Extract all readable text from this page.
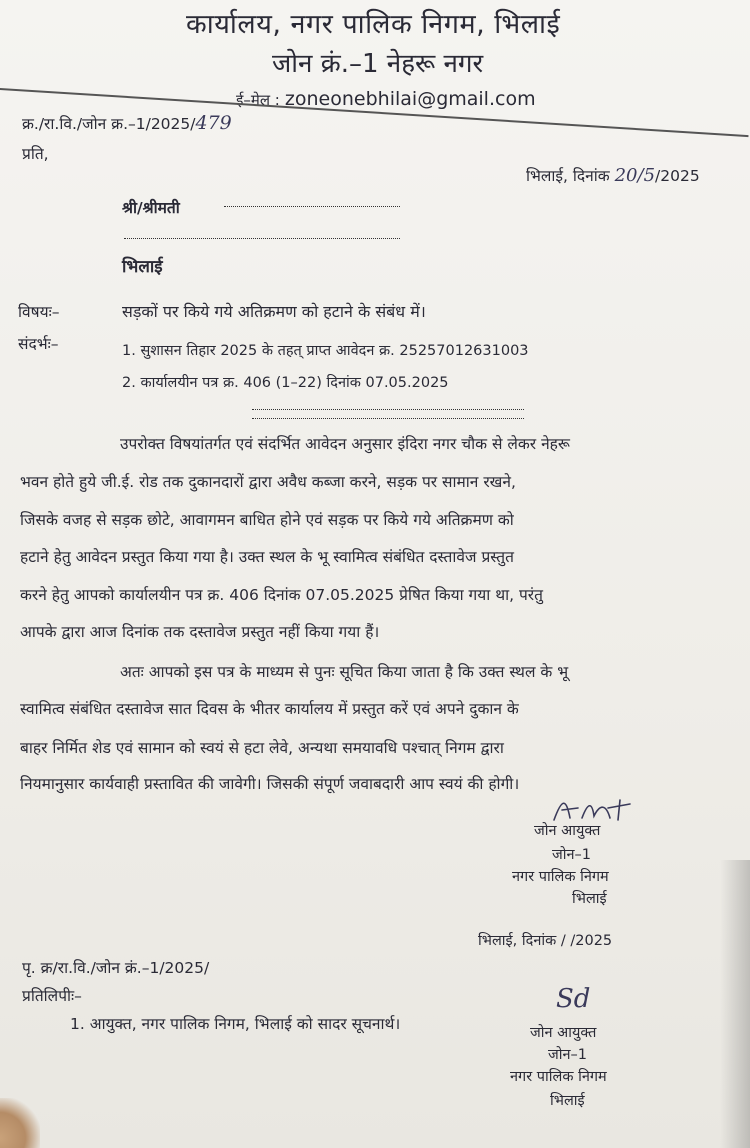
कार्यालय, नगर पालिक निगम, भिलाई
जोन क्रं.–1 नेहरू नगर
ई–मेल : zoneonebhilai@gmail.com
क्र./रा.वि./जोन क्र.–1/2025/479
प्रति,
भिलाई, दिनांक 20/5/2025
श्री/श्रीमती
भिलाई
विषयः–	सड़कों पर किये गये अतिक्रमण को हटाने के संबंध में।
संदर्भः–	1. सुशासन तिहार 2025 के तहत् प्राप्त आवेदन क्र. 25257012631003
2. कार्यालयीन पत्र क्र. 406 (1–22) दिनांक 07.05.2025
उपरोक्त विषयांतर्गत एवं संदर्भित आवेदन अनुसार इंदिरा नगर चौक से लेकर नेहरू
भवन होते हुये जी.ई. रोड तक दुकानदारों द्वारा अवैध कब्जा करने, सड़क पर सामान रखने,
जिसके वजह से सड़क छोटे, आवागमन बाधित होने एवं सड़क पर किये गये अतिक्रमण को
हटाने हेतु आवेदन प्रस्तुत किया गया है। उक्त स्थल के भू स्वामित्व संबंधित दस्तावेज प्रस्तुत
करने हेतु आपको कार्यालयीन पत्र क्र. 406 दिनांक 07.05.2025 प्रेषित किया गया था, परंतु
आपके द्वारा आज दिनांक तक दस्तावेज प्रस्तुत नहीं किया गया हैं।
अतः आपको इस पत्र के माध्यम से पुनः सूचित किया जाता है कि उक्त स्थल के भू
स्वामित्व संबंधित दस्तावेज सात दिवस के भीतर कार्यालय में प्रस्तुत करें एवं अपने दुकान के
बाहर निर्मित शेड एवं सामान को स्वयं से हटा लेवे, अन्यथा समयावधि पश्चात् निगम द्वारा
नियमानुसार कार्यवाही प्रस्तावित की जावेगी। जिसकी संपूर्ण जवाबदारी आप स्वयं की होगी।
जोन आयुक्त
जोन–1
नगर पालिक निगम
भिलाई
भिलाई, दिनांक / /2025
पृ. क्र/रा.वि./जोन क्रं.–1/2025/
प्रतिलिपीः–
1. आयुक्त, नगर पालिक निगम, भिलाई को सादर सूचनार्थ।
Sd
जोन आयुक्त
जोन–1
नगर पालिक निगम
भिलाई
